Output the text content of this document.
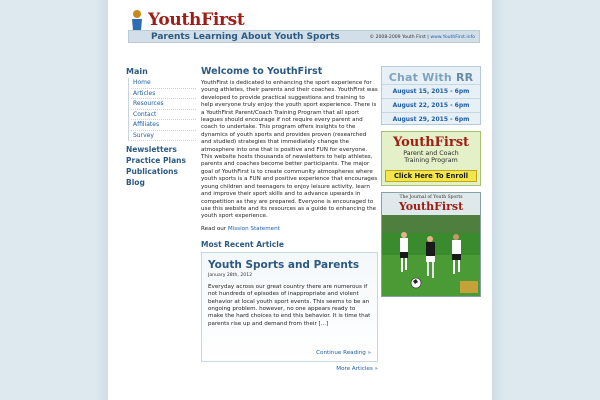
YouthFirst
Parents Learning About Youth Sports	© 2008-2009 Youth First | www.YouthFirst.info
Main
Home
Articles
Resources
Contact
Affiliates
Survey
Newsletters
Practice Plans
Publications
Blog
Welcome to YouthFirst

YouthFirst is dedicated to enhancing the sport experience for young athletes, their parents and their coaches. YouthFirst was developed to provide practical suggestions and training to help everyone truly enjoy the youth sport experience. There is a YouthFirst Parent/Coach Training Program that all sport leagues should encourage if not require every parent and coach to undertake. This program offers insights to the dynamics of youth sports and provides proven (researched and studied) strategies that immediately change the atmosphere into one that is positive and FUN for everyone. This website hosts thousands of newsletters to help athletes, parents and coaches become better participants. The major goal of YouthFirst is to create community atmospheres where youth sports is a FUN and positive experience that encourages young children and teenagers to enjoy leisure activity, learn and improve their sport skills and to advance upwards in competition as they are prepared. Everyone is encouraged to use this website and its resources as a guide to enhancing the youth sport experience.

Read our Mission Statement

Most Recent Article
Youth Sports and Parents
January 28th, 2012

Everyday across our great country there are numerous if not hundreds of episodes of inappropriate and violent behavior at local youth sport events. This seems to be an ongoing problem. however, no one appears ready to make the hard choices to end this behavior. It is time that parents rise up and demand from their [...]

Continue Reading »
More Articles »
Chat With RR
August 15, 2015 - 6pm
August 22, 2015 - 6pm
August 29, 2015 - 6pm
YouthFirst
Parent and Coach
Training Program
Click Here To Enroll
The Journal of Youth Sports
YouthFirst
